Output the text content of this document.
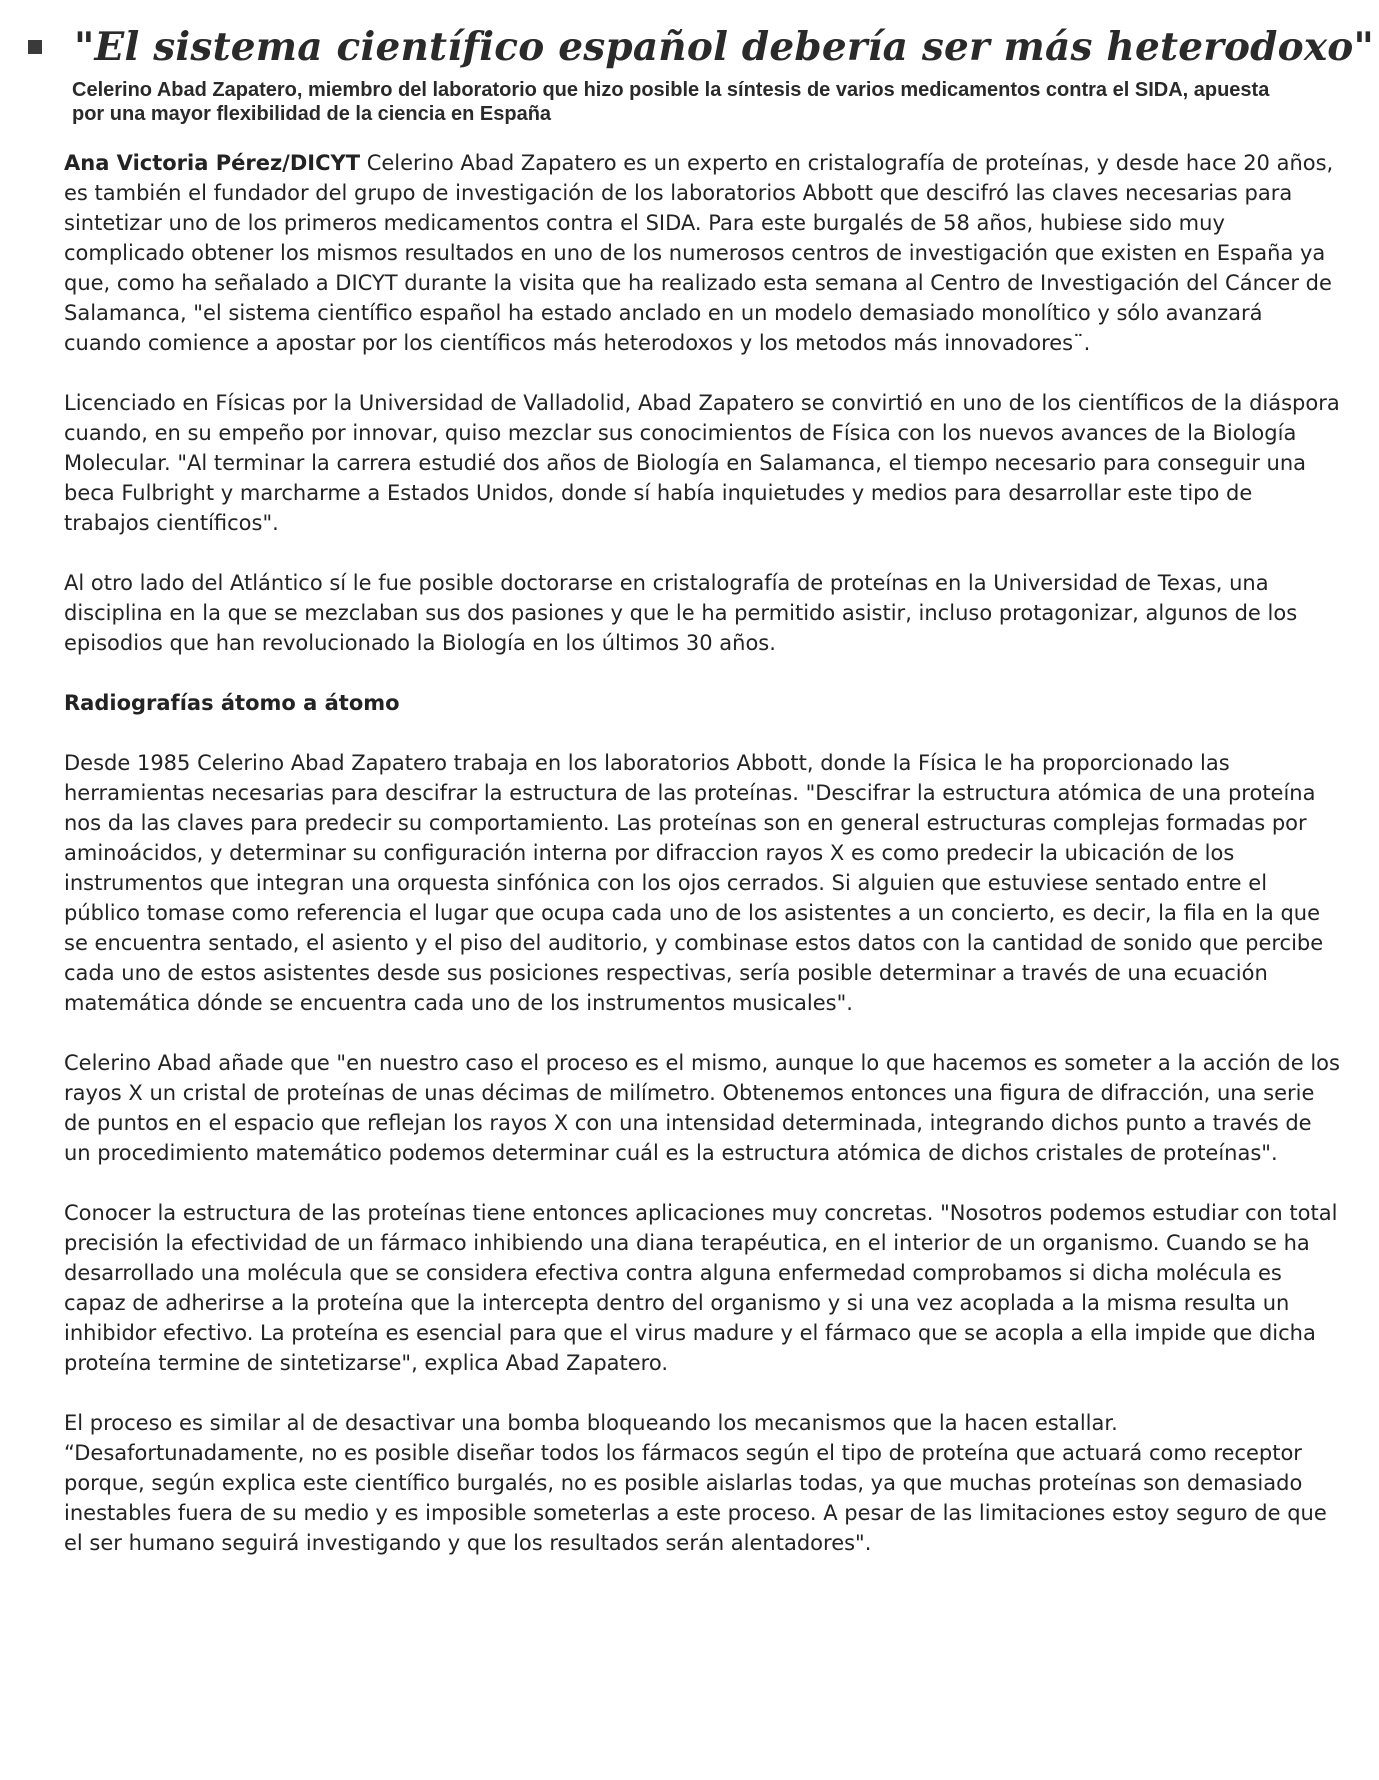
"El sistema científico español debería ser más heterodoxo"

Celerino Abad Zapatero, miembro del laboratorio que hizo posible la síntesis de varios medicamentos contra el SIDA, apuesta por una mayor flexibilidad de la ciencia en España

Ana Victoria Pérez/DICYT Celerino Abad Zapatero es un experto en cristalografía de proteínas, y desde hace 20 años, es también el fundador del grupo de investigación de los laboratorios Abbott que descifró las claves necesarias para sintetizar uno de los primeros medicamentos contra el SIDA. Para este burgalés de 58 años, hubiese sido muy complicado obtener los mismos resultados en uno de los numerosos centros de investigación que existen en España ya que, como ha señalado a DICYT durante la visita que ha realizado esta semana al Centro de Investigación del Cáncer de Salamanca, "el sistema científico español ha estado anclado en un modelo demasiado monolítico y sólo avanzará cuando comience a apostar por los científicos más heterodoxos y los metodos más innovadores¨.

Licenciado en Físicas por la Universidad de Valladolid, Abad Zapatero se convirtió en uno de los científicos de la diáspora cuando, en su empeño por innovar, quiso mezclar sus conocimientos de Física con los nuevos avances de la Biología Molecular. "Al terminar la carrera estudié dos años de Biología en Salamanca, el tiempo necesario para conseguir una beca Fulbright y marcharme a Estados Unidos, donde sí había inquietudes y medios para desarrollar este tipo de trabajos científicos".

Al otro lado del Atlántico sí le fue posible doctorarse en cristalografía de proteínas en la Universidad de Texas, una disciplina en la que se mezclaban sus dos pasiones y que le ha permitido asistir, incluso protagonizar, algunos de los episodios que han revolucionado la Biología en los últimos 30 años.

Radiografías átomo a átomo

Desde 1985 Celerino Abad Zapatero trabaja en los laboratorios Abbott, donde la Física le ha proporcionado las herramientas necesarias para descifrar la estructura de las proteínas. "Descifrar la estructura atómica de una proteína nos da las claves para predecir su comportamiento. Las proteínas son en general estructuras complejas formadas por aminoácidos, y determinar su configuración interna por difraccion rayos X es como predecir la ubicación de los instrumentos que integran una orquesta sinfónica con los ojos cerrados. Si alguien que estuviese sentado entre el público tomase como referencia el lugar que ocupa cada uno de los asistentes a un concierto, es decir, la fila en la que se encuentra sentado, el asiento y el piso del auditorio, y combinase estos datos con la cantidad de sonido que percibe cada uno de estos asistentes desde sus posiciones respectivas, sería posible determinar a través de una ecuación matemática dónde se encuentra cada uno de los instrumentos musicales".

Celerino Abad añade que "en nuestro caso el proceso es el mismo, aunque lo que hacemos es someter a la acción de los rayos X un cristal de proteínas de unas décimas de milímetro. Obtenemos entonces una figura de difracción, una serie de puntos en el espacio que reflejan los rayos X con una intensidad determinada, integrando dichos punto a través de un procedimiento matemático podemos determinar cuál es la estructura atómica de dichos cristales de proteínas".

Conocer la estructura de las proteínas tiene entonces aplicaciones muy concretas. "Nosotros podemos estudiar con total precisión la efectividad de un fármaco inhibiendo una diana terapéutica, en el interior de un organismo. Cuando se ha desarrollado una molécula que se considera efectiva contra alguna enfermedad comprobamos si dicha molécula es capaz de adherirse a la proteína que la intercepta dentro del organismo y si una vez acoplada a la misma resulta un inhibidor efectivo. La proteína es esencial para que el virus madure y el fármaco que se acopla a ella impide que dicha proteína termine de sintetizarse", explica Abad Zapatero.

El proceso es similar al de desactivar una bomba bloqueando los mecanismos que la hacen estallar. “Desafortunadamente, no es posible diseñar todos los fármacos según el tipo de proteína que actuará como receptor porque, según explica este científico burgalés, no es posible aislarlas todas, ya que muchas proteínas son demasiado inestables fuera de su medio y es imposible someterlas a este proceso. A pesar de las limitaciones estoy seguro de que el ser humano seguirá investigando y que los resultados serán alentadores".
